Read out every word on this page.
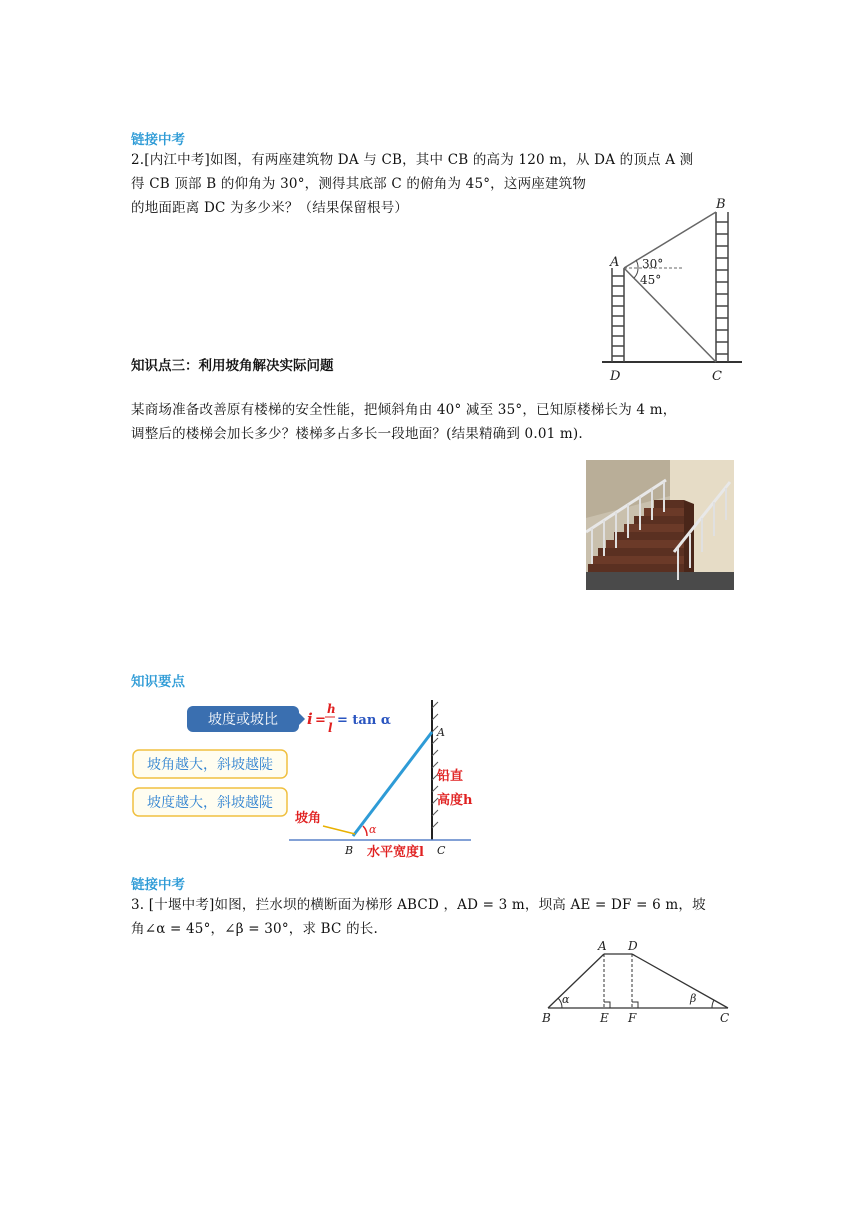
链接中考
2.[内江中考]如图，有两座建筑物 DA 与 CB，其中 CB 的高为 120 m，从 DA 的顶点 A 测
得 CB 顶部 B 的仰角为 30°，测得其底部 C 的俯角为 45°，这两座建筑物
的地面距离 DC 为多少米？（结果保留根号）
A
B
C
D
30°
45°
知识点三：利用坡角解决实际问题
某商场准备改善原有楼梯的安全性能，把倾斜角由 40° 减至 35°，已知原楼梯长为 4 m，
调整后的楼梯会加长多少？楼梯多占多长一段地面？(结果精确到 0.01 m).
知识要点
α
坡度或坡比 i =
h
l = tan α
坡角越大，斜坡越陡
坡度越大，斜坡越陡
坡角
铅直
高度h
水平宽度l
A
B	C
链接中考
3. [十堰中考]如图，拦水坝的横断面为梯形 ABCD ，AD = 3 m，坝高 AE = DF = 6 m，坡
角∠α = 45°，∠β = 30°，求 BC 的长.
α	β
A D
B	E F	C
